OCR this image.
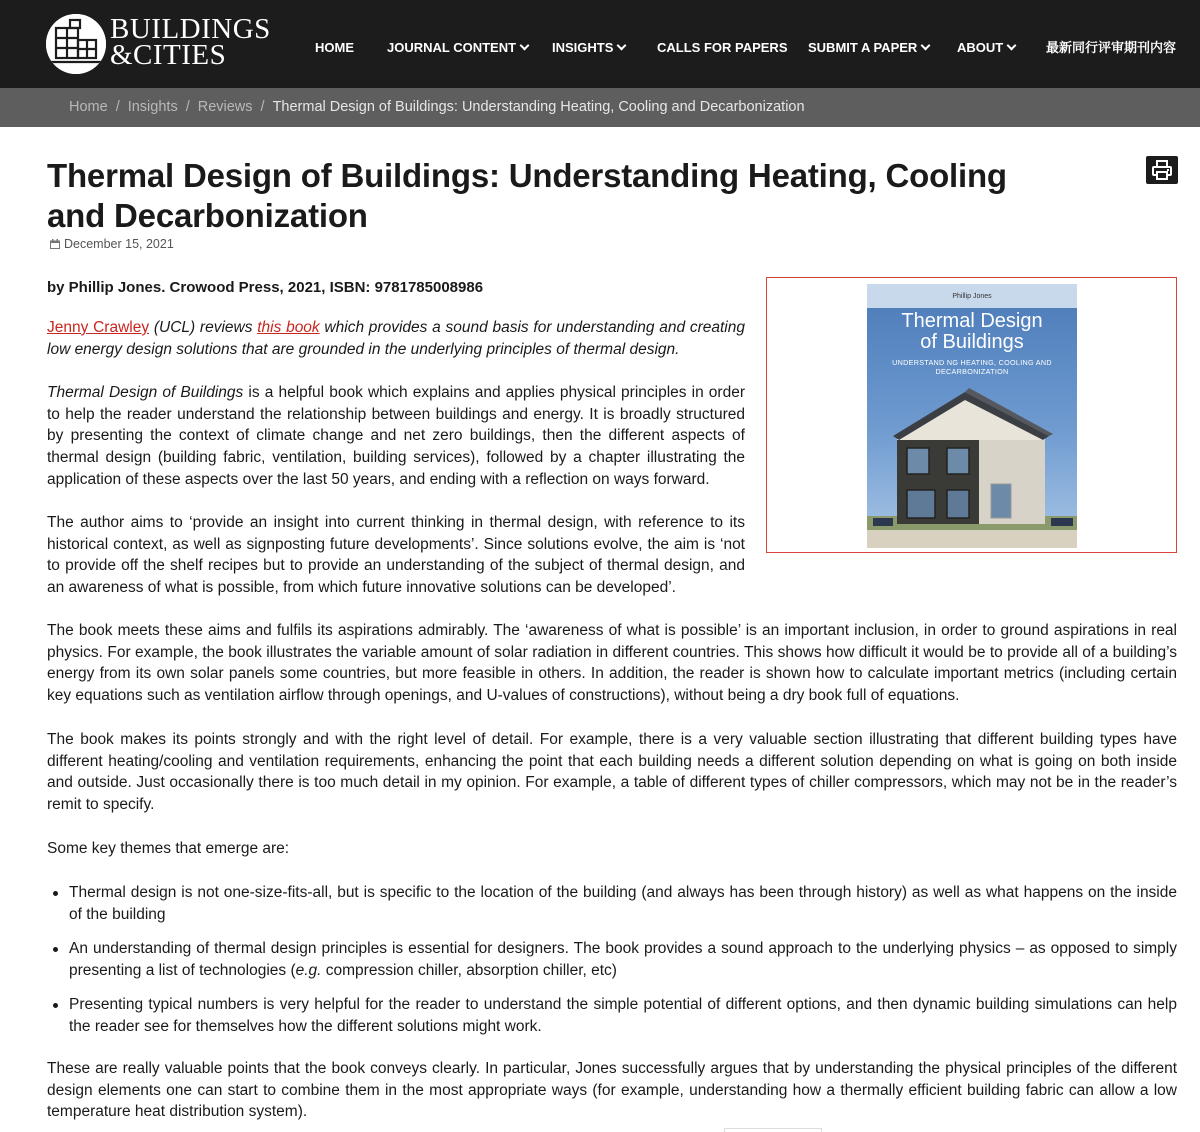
BUILDINGS
&CITIES	HOME	JOURNAL CONTENT	INSIGHTS	CALLS FOR PAPERS SUBMIT A PAPER	ABOUT	最新同行评审期刊内容
Home / Insights / Reviews / Thermal Design of Buildings: Understanding Heating, Cooling and Decarbonization
Thermal Design of Buildings: Understanding Heating, Cooling and Decarbonization
December 15, 2021
by Phillip Jones. Crowood Press, 2021, ISBN: 9781785008986

Jenny Crawley (UCL) reviews this book which provides a sound basis for understanding and creating low energy design solutions that are grounded in the underlying principles of thermal design.

Thermal Design of Buildings is a helpful book which explains and applies physical principles in order to help the reader understand the relationship between buildings and energy. It is broadly structured by presenting the context of climate change and net zero buildings, then the different aspects of thermal design (building fabric, ventilation, building services), followed by a chapter illustrating the application of these aspects over the last 50 years, and ending with a reflection on ways forward.

The author aims to ‘provide an insight into current thinking in thermal design, with reference to its historical context, as well as signposting future developments’. Since solutions evolve, the aim is ‘not to provide off the shelf recipes but to provide an understanding of the subject of thermal design, and an awareness of what is possible, from which future innovative solutions can be developed’.

The book meets these aims and fulfils its aspirations admirably. The ‘awareness of what is possible’ is an important inclusion, in order to ground aspirations in real physics. For example, the book illustrates the variable amount of solar radiation in different countries. This shows how difficult it would be to provide all of a building’s energy from its own solar panels some countries, but more feasible in others. In addition, the reader is shown how to calculate important metrics (including certain key equations such as ventilation airflow through openings, and U-values of constructions), without being a dry book full of equations.

The book makes its points strongly and with the right level of detail. For example, there is a very valuable section illustrating that different building types have different heating/cooling and ventilation requirements, enhancing the point that each building needs a different solution depending on what is going on both inside and outside. Just occasionally there is too much detail in my opinion. For example, a table of different types of chiller compressors, which may not be in the reader’s remit to specify.

Some key themes that emerge are:

Thermal design is not one-size-fits-all, but is specific to the location of the building (and always has been through history) as well as what happens on the inside of the building
An understanding of thermal design principles is essential for designers. The book provides a sound approach to the underlying physics – as opposed to simply presenting a list of technologies (e.g. compression chiller, absorption chiller, etc)
Presenting typical numbers is very helpful for the reader to understand the simple potential of different options, and then dynamic building simulations can help the reader see for themselves how the different solutions might work.

These are really valuable points that the book conveys clearly. In particular, Jones successfully argues that by understanding the physical principles of the different design elements one can start to combine them in the most appropriate ways (for example, understanding how a thermally efficient building fabric can allow a low temperature heat distribution system).

Phillip Jones
Thermal Design
of Buildings
UNDERSTAND NG HEATING, COOLING AND DECARBONIZATION
